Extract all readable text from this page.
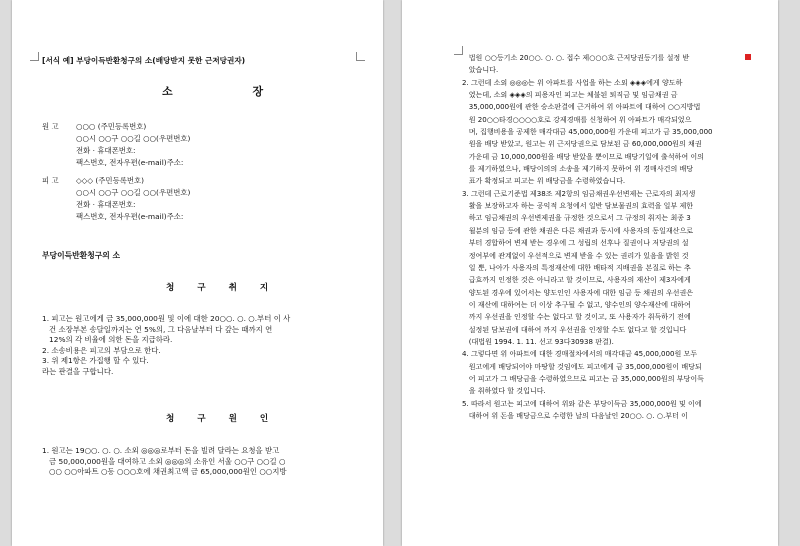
[서식 예] 부당이득반환청구의 소(배당받지 못한 근저당권자)
소 장
원 고 ○○○ (주민등록번호)
○○시 ○○구 ○○길 ○○(우편번호)
전화 · 휴대폰번호:
팩스번호, 전자우편(e-mail)주소:
피 고 ◇◇◇ (주민등록번호)
○○시 ○○구 ○○길 ○○(우편번호)
전화 · 휴대폰번호:
팩스번호, 전자우편(e-mail)주소:
부당이득반환청구의 소
청 구 취 지
1. 피고는 원고에게 금 35,000,000원 및 이에 대한 20○○. ○. ○.부터 이 사
건 소장부본 송달일까지는 연 5%의, 그 다음날부터 다 갚는 때까지 연
12%의 각 비율에 의한 돈을 지급하라.
2. 소송비용은 피고의 부담으로 한다.
3. 위 제1항은 가집행 할 수 있다.
라는 판결을 구합니다.
청 구 원 인
1. 원고는 19○○. ○. ○. 소외 ◎◎◎로부터 돈을 빌려 달라는 요청을 받고
금 50,000,000원을 대여하고 소외 ◎◎◎의 소유인 서울 ○○구 ○○길 ○
○○ ○○아파트 ○동 ○○○호에 채권최고액 금 65,000,000원인 ○○지방
법원 ○○등기소 20○○. ○. ○. 접수 제○○○호 근저당권등기를 설정 받
았습니다.
2. 그런데 소외 ◎◎◎는 위 아파트를 사업을 하는 소외 ◈◈◈에게 양도하
였는데, 소외 ◈◈◈의 피용자인 피고는 체불된 퇴직금 및 임금채권 금
35,000,000원에 관한 승소판결에 근거하여 위 아파트에 대하여 ○○지방법
원 20○○타경○○○○호로 강제경매를 신청하여 위 아파트가 매각되었으
며, 집행비용을 공제한 매각대금 45,000,000원 가운데 피고가 금 35,000,000
원을 배당 받았고, 원고는 위 근저당권으로 담보된 금 60,000,000원의 채권
가운데 금 10,000,000원을 배당 받았을 뿐이므로 배당기일에 출석하여 이의
를 제기하였으나, 배당이의의 소송을 제기하지 못하여 위 경매사건의 배당
표가 확정되고 피고는 위 배당금을 수령하였습니다.
3. 그런데 근로기준법 제38조 제2항의 임금채권우선변제는 근로자의 최저생
활을 보장하고자 하는 공익적 요청에서 일반 담보물권의 효력을 일부 제한
하고 임금채권의 우선변제권을 규정한 것으로서 그 규정의 취지는 최종 3
월분의 임금 등에 관한 채권은 다른 채권과 동시에 사용자의 동일재산으로
부터 경합하여 변제 받는 경우에 그 성립의 선후나 질권이나 저당권의 설
정여부에 관계없이 우선적으로 변제 받을 수 있는 권리가 있음을 밝힌 것
일 뿐, 나아가 사용자의 특정재산에 대한 배타적 지배권을 본질로 하는 추
급효까지 인정한 것은 아니라고 할 것이므로, 사용자의 재산이 제3자에게
양도된 경우에 있어서는 양도인인 사용자에 대한 임금 등 채권의 우선권은
이 재산에 대하여는 더 이상 추구될 수 없고, 양수인의 양수재산에 대하여
까지 우선권을 인정할 수는 없다고 할 것이고, 또 사용자가 취득하기 전에
설정된 담보권에 대하여 까지 우선권을 인정할 수도 없다고 할 것입니다
(대법원 1994. 1. 11. 선고 93다30938 판결).
4. 그렇다면 위 아파트에 대한 경매절차에서의 매각대금 45,000,000원 모두
원고에게 배당되어야 마땅할 것임에도 피고에게 금 35,000,000원이 배당되
어 피고가 그 배당금을 수령하였으므로 피고는 금 35,000,000원의 부당이득
을 취하였다 할 것입니다.
5. 따라서 원고는 피고에 대하여 위와 같은 부당이득금 35,000,000원 및 이에
대하여 위 돈을 배당금으로 수령한 날의 다음날인 20○○. ○. ○.부터 이
